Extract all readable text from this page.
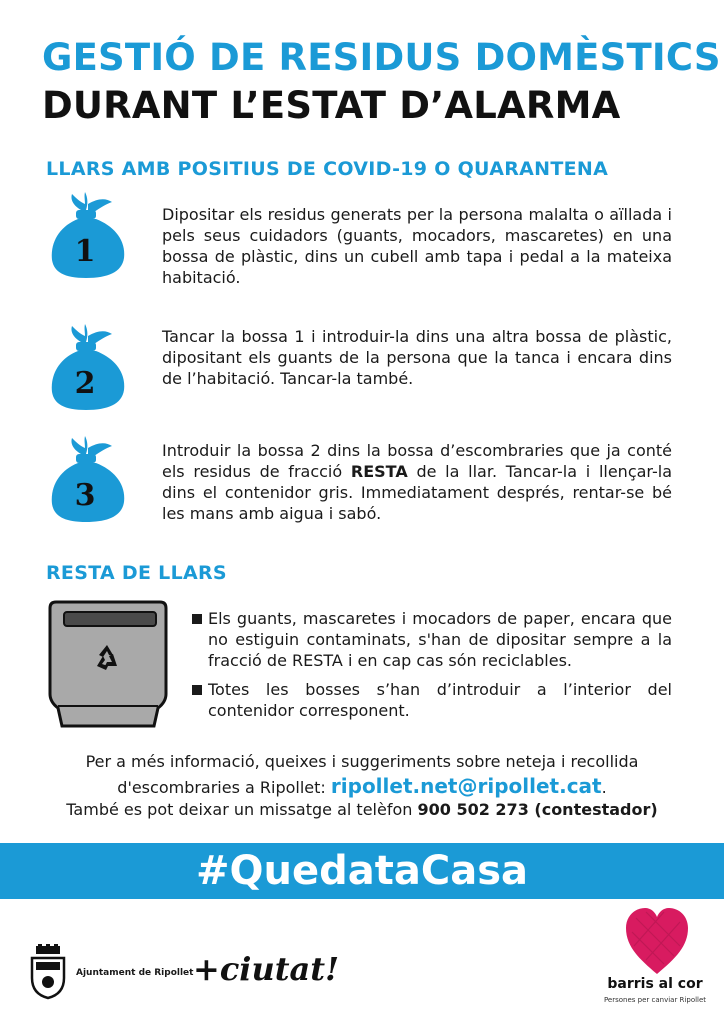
GESTIÓ DE RESIDUS DOMÈSTICS
DURANT L’ESTAT D’ALARMA
LLARS AMB POSITIUS DE COVID-19 O QUARANTENA
1
Dipositar els residus generats per la persona malalta o aïllada i pels seus cuidadors (guants, mocadors, mascaretes) en una bossa de plàstic, dins un cubell amb tapa i pedal a la mateixa habitació.
2
Tancar la bossa 1 i introduir-la dins una altra bossa de plàstic, dipositant els guants de la persona que la tanca i encara dins de l’habitació. Tancar-la també.
3
Introduir la bossa 2 dins la bossa d’escombraries que ja conté els residus de fracció RESTA de la llar. Tancar-la i llençar-la dins el contenidor gris. Immediatament després, rentar-se bé les mans amb aigua i sabó.
RESTA DE LLARS
Els guants, mascaretes i mocadors de paper, encara que no estiguin contaminats, s'han de dipositar sempre a la fracció de RESTA i en cap cas són reciclables.
Totes les bosses s’han d’introduir a l’interior del contenidor corresponent.
Per a més informació, queixes i suggeriments sobre neteja i recollida
d'escombraries a Ripollet: ripollet.net@ripollet.cat.
També es pot deixar un missatge al telèfon 900 502 273 (contestador)
#QuedataCasa
Ajuntament de Ripollet +ciutat!	barris al cor
Persones per canviar Ripollet
